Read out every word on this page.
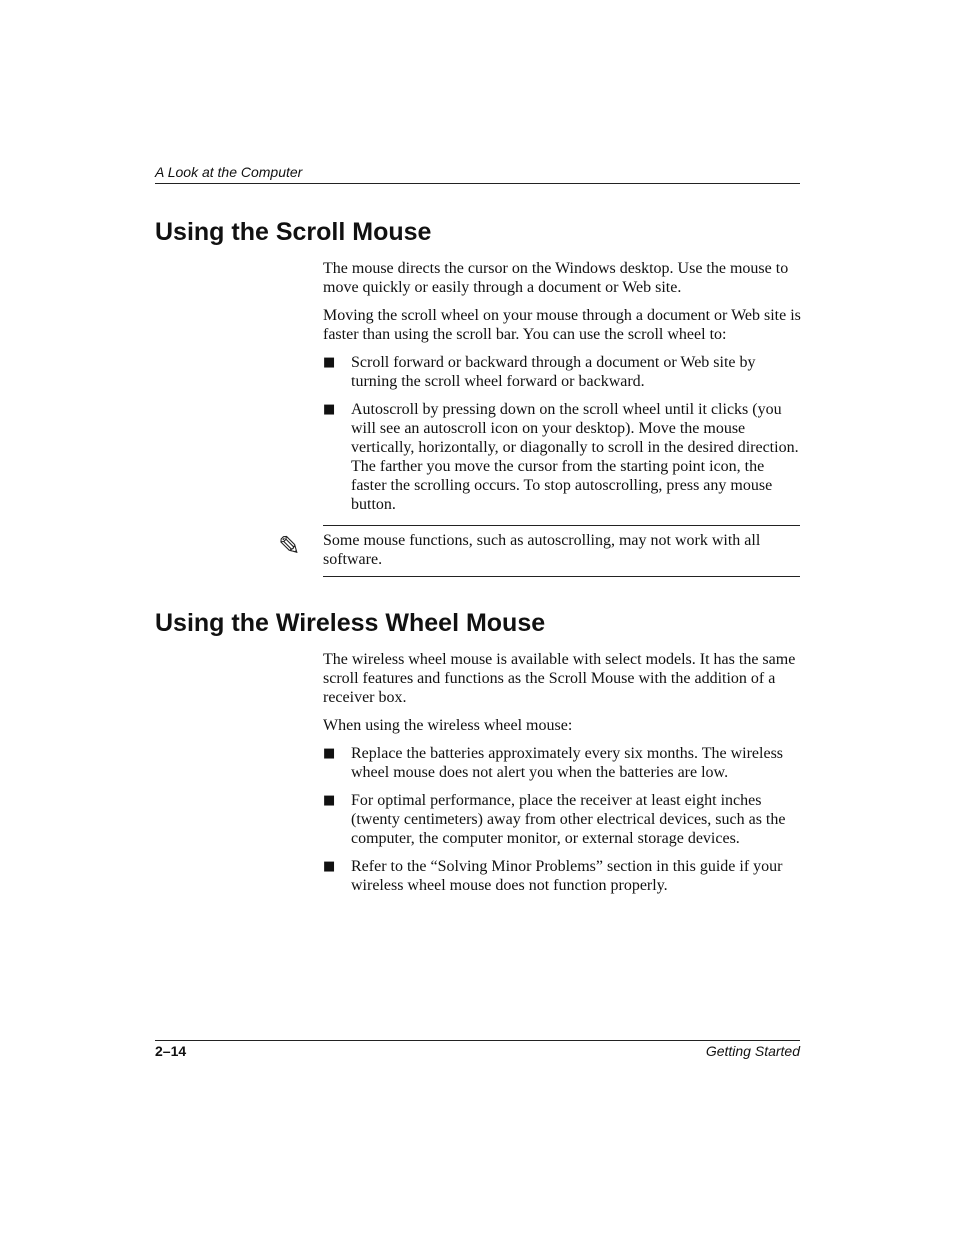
A Look at the Computer
Using the Scroll Mouse

The mouse directs the cursor on the Windows desktop. Use the mouse to move quickly or easily through a document or Web site.

Moving the scroll wheel on your mouse through a document or Web site is faster than using the scroll bar. You can use the scroll wheel to:

■ Scroll forward or backward through a document or Web site by turning the scroll wheel forward or backward.
■ Autoscroll by pressing down on the scroll wheel until it clicks (you will see an autoscroll icon on your desktop). Move the mouse vertically, horizontally, or diagonally to scroll in the desired direction. The farther you move the cursor from the starting point icon, the faster the scrolling occurs. To stop autoscrolling, press any mouse button.
✎ Some mouse functions, such as autoscrolling, may not work with all software.
Using the Wireless Wheel Mouse

The wireless wheel mouse is available with select models. It has the same scroll features and functions as the Scroll Mouse with the addition of a receiver box.

When using the wireless wheel mouse:

■ Replace the batteries approximately every six months. The wireless wheel mouse does not alert you when the batteries are low.
■ For optimal performance, place the receiver at least eight inches (twenty centimeters) away from other electrical devices, such as the computer, the computer monitor, or external storage devices.
■ Refer to the “Solving Minor Problems” section in this guide if your wireless wheel mouse does not function properly.
2–14	Getting Started
